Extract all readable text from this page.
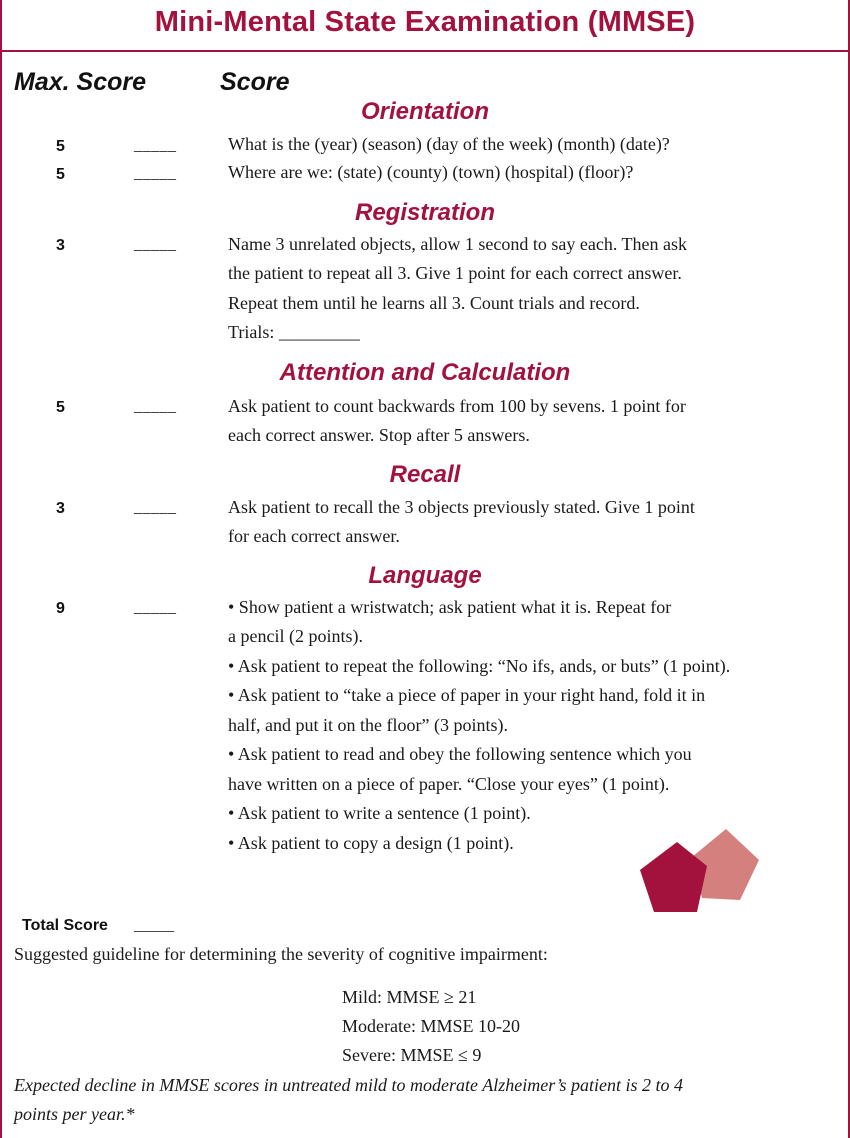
Mini-Mental State Examination (MMSE)
Max. Score	Score
Orientation
5	_____	What is the (year) (season) (day of the week) (month) (date)?
5	_____	Where are we: (state) (county) (town) (hospital) (floor)?
Registration
3	_____	Name 3 unrelated objects, allow 1 second to say each. Then ask
the patient to repeat all 3. Give 1 point for each correct answer.
Repeat them until he learns all 3. Count trials and record.
Trials: _________
Attention and Calculation
5	_____	Ask patient to count backwards from 100 by sevens. 1 point for
each correct answer. Stop after 5 answers.
Recall
3	_____	Ask patient to recall the 3 objects previously stated. Give 1 point
for each correct answer.
Language
9	_____	• Show patient a wristwatch; ask patient what it is. Repeat for
a pencil (2 points).
• Ask patient to repeat the following: “No ifs, ands, or buts” (1 point).
• Ask patient to “take a piece of paper in your right hand, fold it in
half, and put it on the floor” (3 points).
• Ask patient to read and obey the following sentence which you
have written on a piece of paper. “Close your eyes” (1 point).
• Ask patient to write a sentence (1 point).
• Ask patient to copy a design (1 point).
Total Score _____
Suggested guideline for determining the severity of cognitive impairment:
Mild: MMSE ≥ 21
Moderate: MMSE 10-20
Severe: MMSE ≤ 9
Expected decline in MMSE scores in untreated mild to moderate Alzheimer’s patient is 2 to 4
points per year.*
